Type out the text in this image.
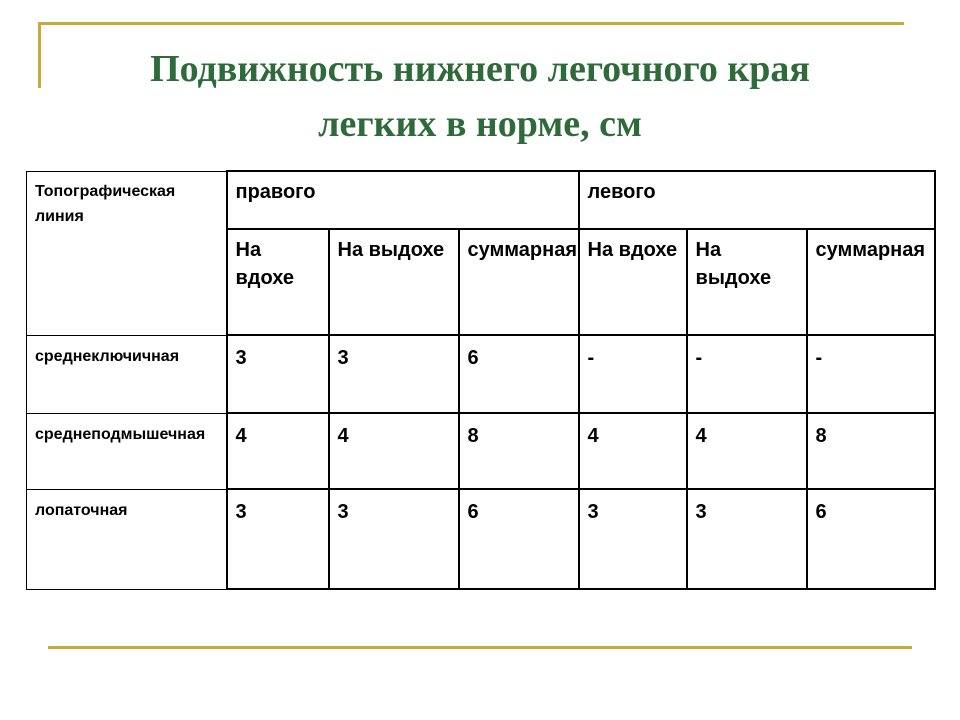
Подвижность нижнего легочного края
легких в норме, см
Топографическая линия	правого			левого		

	На вдохе	На выдохе	суммарная	На вдохе	На выдохе	суммарная

среднеключичная	3	3	6	-	-	-

среднеподмышечная	4	4	8	4	4	8

лопаточная	3	3	6	3	3	6
